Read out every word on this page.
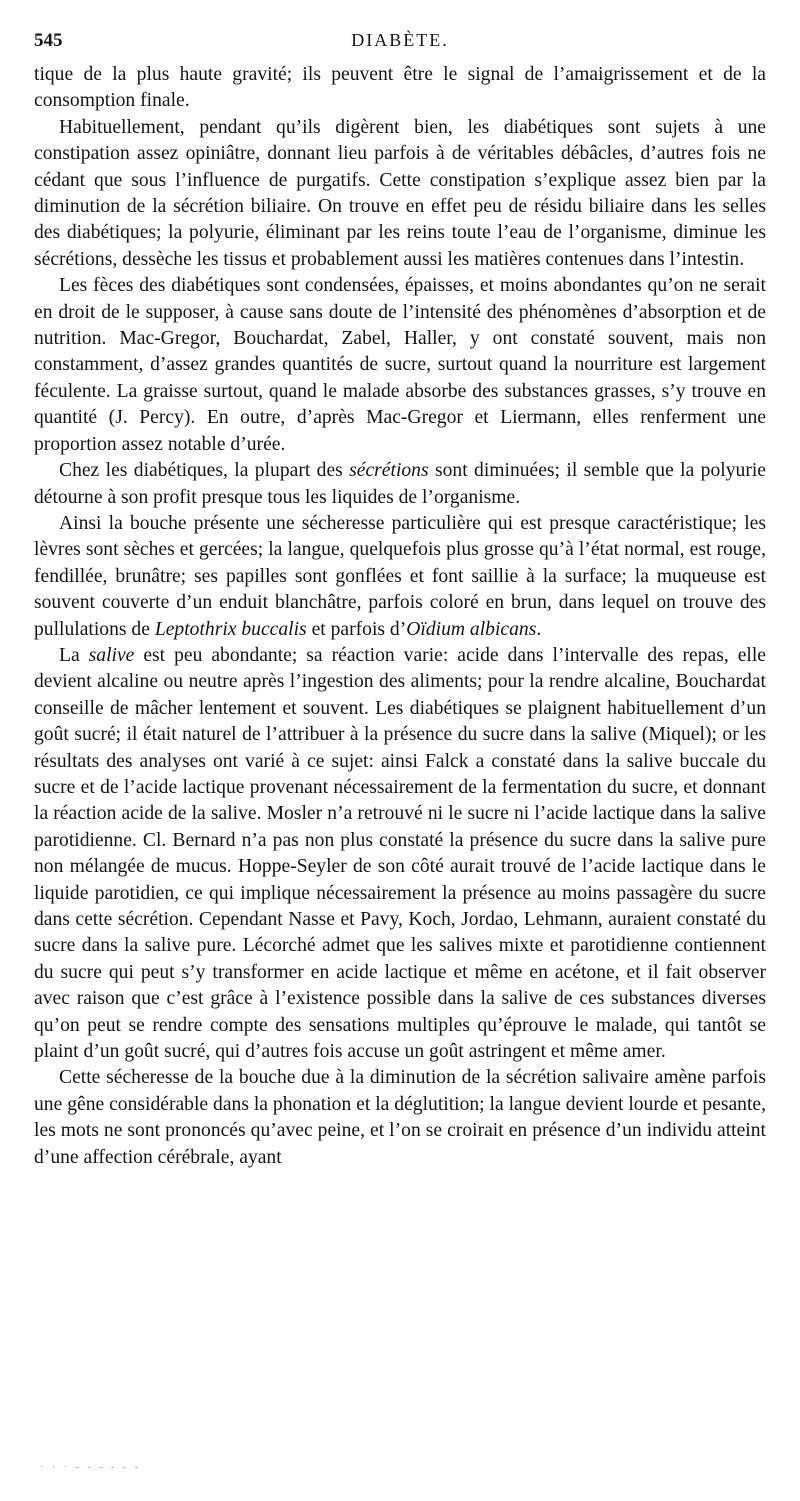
545	DIABÈTE.

tique de la plus haute gravité; ils peuvent être le signal de l’amaigrissement et de la consomption finale.

Habituellement, pendant qu’ils digèrent bien, les diabétiques sont sujets à une constipation assez opiniâtre, donnant lieu parfois à de véritables débâcles, d’autres fois ne cédant que sous l’influence de purgatifs. Cette constipation s’explique assez bien par la diminution de la sécrétion biliaire. On trouve en effet peu de résidu biliaire dans les selles des diabétiques; la polyurie, éliminant par les reins toute l’eau de l’organisme, diminue les sécrétions, dessèche les tissus et probablement aussi les matières contenues dans l’intestin.

Les fèces des diabétiques sont condensées, épaisses, et moins abondantes qu’on ne serait en droit de le supposer, à cause sans doute de l’intensité des phénomènes d’absorption et de nutrition. Mac-Gregor, Bouchardat, Zabel, Haller, y ont constaté souvent, mais non constamment, d’assez grandes quantités de sucre, surtout quand la nourriture est largement féculente. La graisse surtout, quand le malade absorbe des substances grasses, s’y trouve en quantité (J. Percy). En outre, d’après Mac-Gregor et Liermann, elles renferment une proportion assez notable d’urée.

Chez les diabétiques, la plupart des sécrétions sont diminuées; il semble que la polyurie détourne à son profit presque tous les liquides de l’organisme.

Ainsi la bouche présente une sécheresse particulière qui est presque caractéristique; les lèvres sont sèches et gercées; la langue, quelquefois plus grosse qu’à l’état normal, est rouge, fendillée, brunâtre; ses papilles sont gonflées et font saillie à la surface; la muqueuse est souvent couverte d’un enduit blanchâtre, parfois coloré en brun, dans lequel on trouve des pullulations de Leptothrix buccalis et parfois d’Oïdium albicans.

La salive est peu abondante; sa réaction varie: acide dans l’intervalle des repas, elle devient alcaline ou neutre après l’ingestion des aliments; pour la rendre alcaline, Bouchardat conseille de mâcher lentement et souvent. Les diabétiques se plaignent habituellement d’un goût sucré; il était naturel de l’attribuer à la présence du sucre dans la salive (Miquel); or les résultats des analyses ont varié à ce sujet: ainsi Falck a constaté dans la salive buccale du sucre et de l’acide lactique provenant nécessairement de la fermentation du sucre, et donnant la réaction acide de la salive. Mosler n’a retrouvé ni le sucre ni l’acide lactique dans la salive parotidienne. Cl. Bernard n’a pas non plus constaté la présence du sucre dans la salive pure non mélangée de mucus. Hoppe-Seyler de son côté aurait trouvé de l’acide lactique dans le liquide parotidien, ce qui implique nécessairement la présence au moins passagère du sucre dans cette sécrétion. Cependant Nasse et Pavy, Koch, Jordao, Lehmann, auraient constaté du sucre dans la salive pure. Lécorché admet que les salives mixte et parotidienne contiennent du sucre qui peut s’y transformer en acide lactique et même en acétone, et il fait observer avec raison que c’est grâce à l’existence possible dans la salive de ces substances diverses qu’on peut se rendre compte des sensations multiples qu’éprouve le malade, qui tantôt se plaint d’un goût sucré, qui d’autres fois accuse un goût astringent et même amer.

Cette sécheresse de la bouche due à la diminution de la sécrétion salivaire amène parfois une gêne considérable dans la phonation et la déglutition; la langue devient lourde et pesante, les mots ne sont prononcés qu’avec peine, et l’on se croirait en présence d’un individu atteint d’une affection cérébrale, ayant

· · · - - - - - -
